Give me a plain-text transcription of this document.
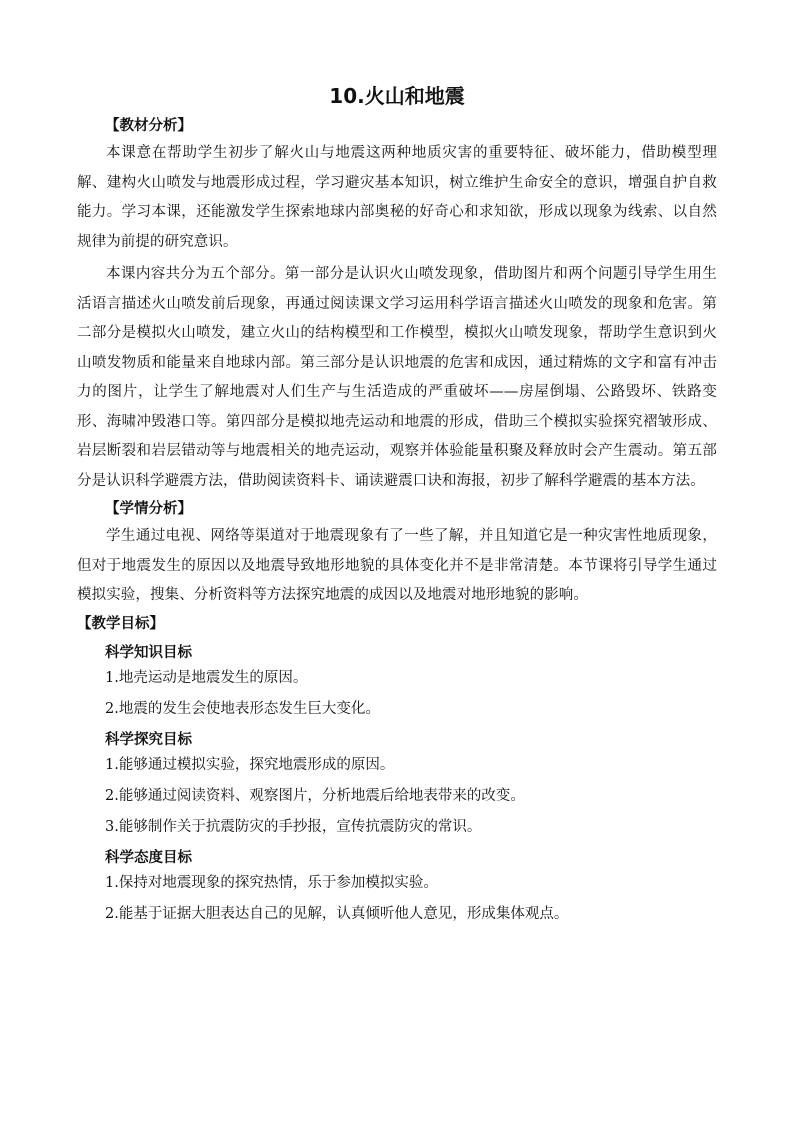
10.火山和地震
【教材分析】

本课意在帮助学生初步了解火山与地震这两种地质灾害的重要特征、破坏能力，借助模型理解、建构火山喷发与地震形成过程，学习避灾基本知识，树立维护生命安全的意识，增强自护自救能力。学习本课，还能激发学生探索地球内部奥秘的好奇心和求知欲，形成以现象为线索、以自然规律为前提的研究意识。

本课内容共分为五个部分。第一部分是认识火山喷发现象，借助图片和两个问题引导学生用生活语言描述火山喷发前后现象，再通过阅读课文学习运用科学语言描述火山喷发的现象和危害。第二部分是模拟火山喷发，建立火山的结构模型和工作模型，模拟火山喷发现象，帮助学生意识到火山喷发物质和能量来自地球内部。第三部分是认识地震的危害和成因，通过精炼的文字和富有冲击力的图片，让学生了解地震对人们生产与生活造成的严重破坏——房屋倒塌、公路毁坏、铁路变形、海啸冲毁港口等。第四部分是模拟地壳运动和地震的形成，借助三个模拟实验探究褶皱形成、岩层断裂和岩层错动等与地震相关的地壳运动，观察并体验能量积聚及释放时会产生震动。第五部分是认识科学避震方法，借助阅读资料卡、诵读避震口诀和海报，初步了解科学避震的基本方法。

【学情分析】

学生通过电视、网络等渠道对于地震现象有了一些了解，并且知道它是一种灾害性地质现象，但对于地震发生的原因以及地震导致地形地貌的具体变化并不是非常清楚。本节课将引导学生通过模拟实验，搜集、分析资料等方法探究地震的成因以及地震对地形地貌的影响。

【教学目标】
科学知识目标
1.地壳运动是地震发生的原因。
2.地震的发生会使地表形态发生巨大变化。
科学探究目标
1.能够通过模拟实验，探究地震形成的原因。
2.能够通过阅读资料、观察图片，分析地震后给地表带来的改变。
3.能够制作关于抗震防灾的手抄报，宣传抗震防灾的常识。
科学态度目标
1.保持对地震现象的探究热情，乐于参加模拟实验。
2.能基于证据大胆表达自己的见解，认真倾听他人意见，形成集体观点。
